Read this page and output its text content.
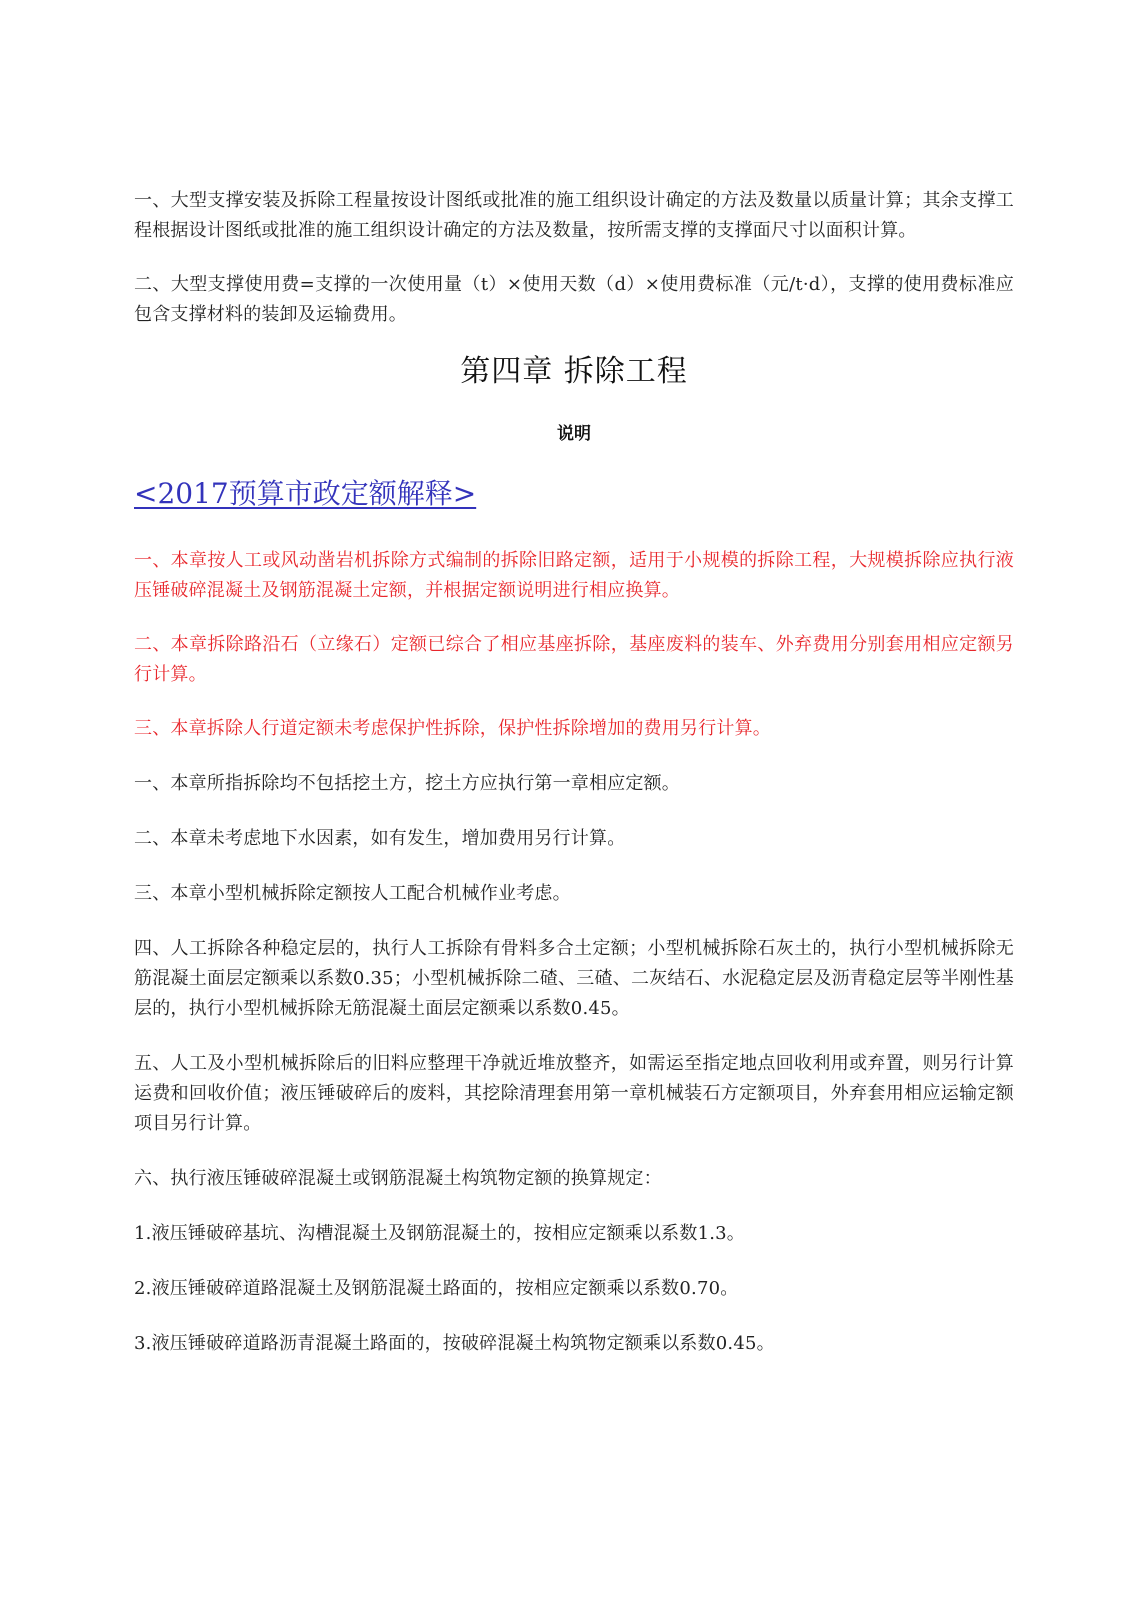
一、大型支撑安装及拆除工程量按设计图纸或批准的施工组织设计确定的方法及数量以质量计算；其余支撑工程根据设计图纸或批准的施工组织设计确定的方法及数量，按所需支撑的支撑面尺寸以面积计算。

二、大型支撑使用费=支撑的一次使用量（t）×使用天数（d）×使用费标准（元/t·d），支撑的使用费标准应包含支撑材料的装卸及运输费用。

第四章 拆除工程

说明

<2017预算市政定额解释>

一、本章按人工或风动凿岩机拆除方式编制的拆除旧路定额，适用于小规模的拆除工程，大规模拆除应执行液压锤破碎混凝土及钢筋混凝土定额，并根据定额说明进行相应换算。

二、本章拆除路沿石（立缘石）定额已综合了相应基座拆除，基座废料的装车、外弃费用分别套用相应定额另行计算。

三、本章拆除人行道定额未考虑保护性拆除，保护性拆除增加的费用另行计算。

一、本章所指拆除均不包括挖土方，挖土方应执行第一章相应定额。

二、本章未考虑地下水因素，如有发生，增加费用另行计算。

三、本章小型机械拆除定额按人工配合机械作业考虑。

四、人工拆除各种稳定层的，执行人工拆除有骨料多合土定额；小型机械拆除石灰土的，执行小型机械拆除无筋混凝土面层定额乘以系数0.35；小型机械拆除二碴、三碴、二灰结石、水泥稳定层及沥青稳定层等半刚性基层的，执行小型机械拆除无筋混凝土面层定额乘以系数0.45。

五、人工及小型机械拆除后的旧料应整理干净就近堆放整齐，如需运至指定地点回收利用或弃置，则另行计算运费和回收价值；液压锤破碎后的废料，其挖除清理套用第一章机械装石方定额项目，外弃套用相应运输定额项目另行计算。

六、执行液压锤破碎混凝土或钢筋混凝土构筑物定额的换算规定：

1.液压锤破碎基坑、沟槽混凝土及钢筋混凝土的，按相应定额乘以系数1.3。

2.液压锤破碎道路混凝土及钢筋混凝土路面的，按相应定额乘以系数0.70。

3.液压锤破碎道路沥青混凝土路面的，按破碎混凝土构筑物定额乘以系数0.45。
